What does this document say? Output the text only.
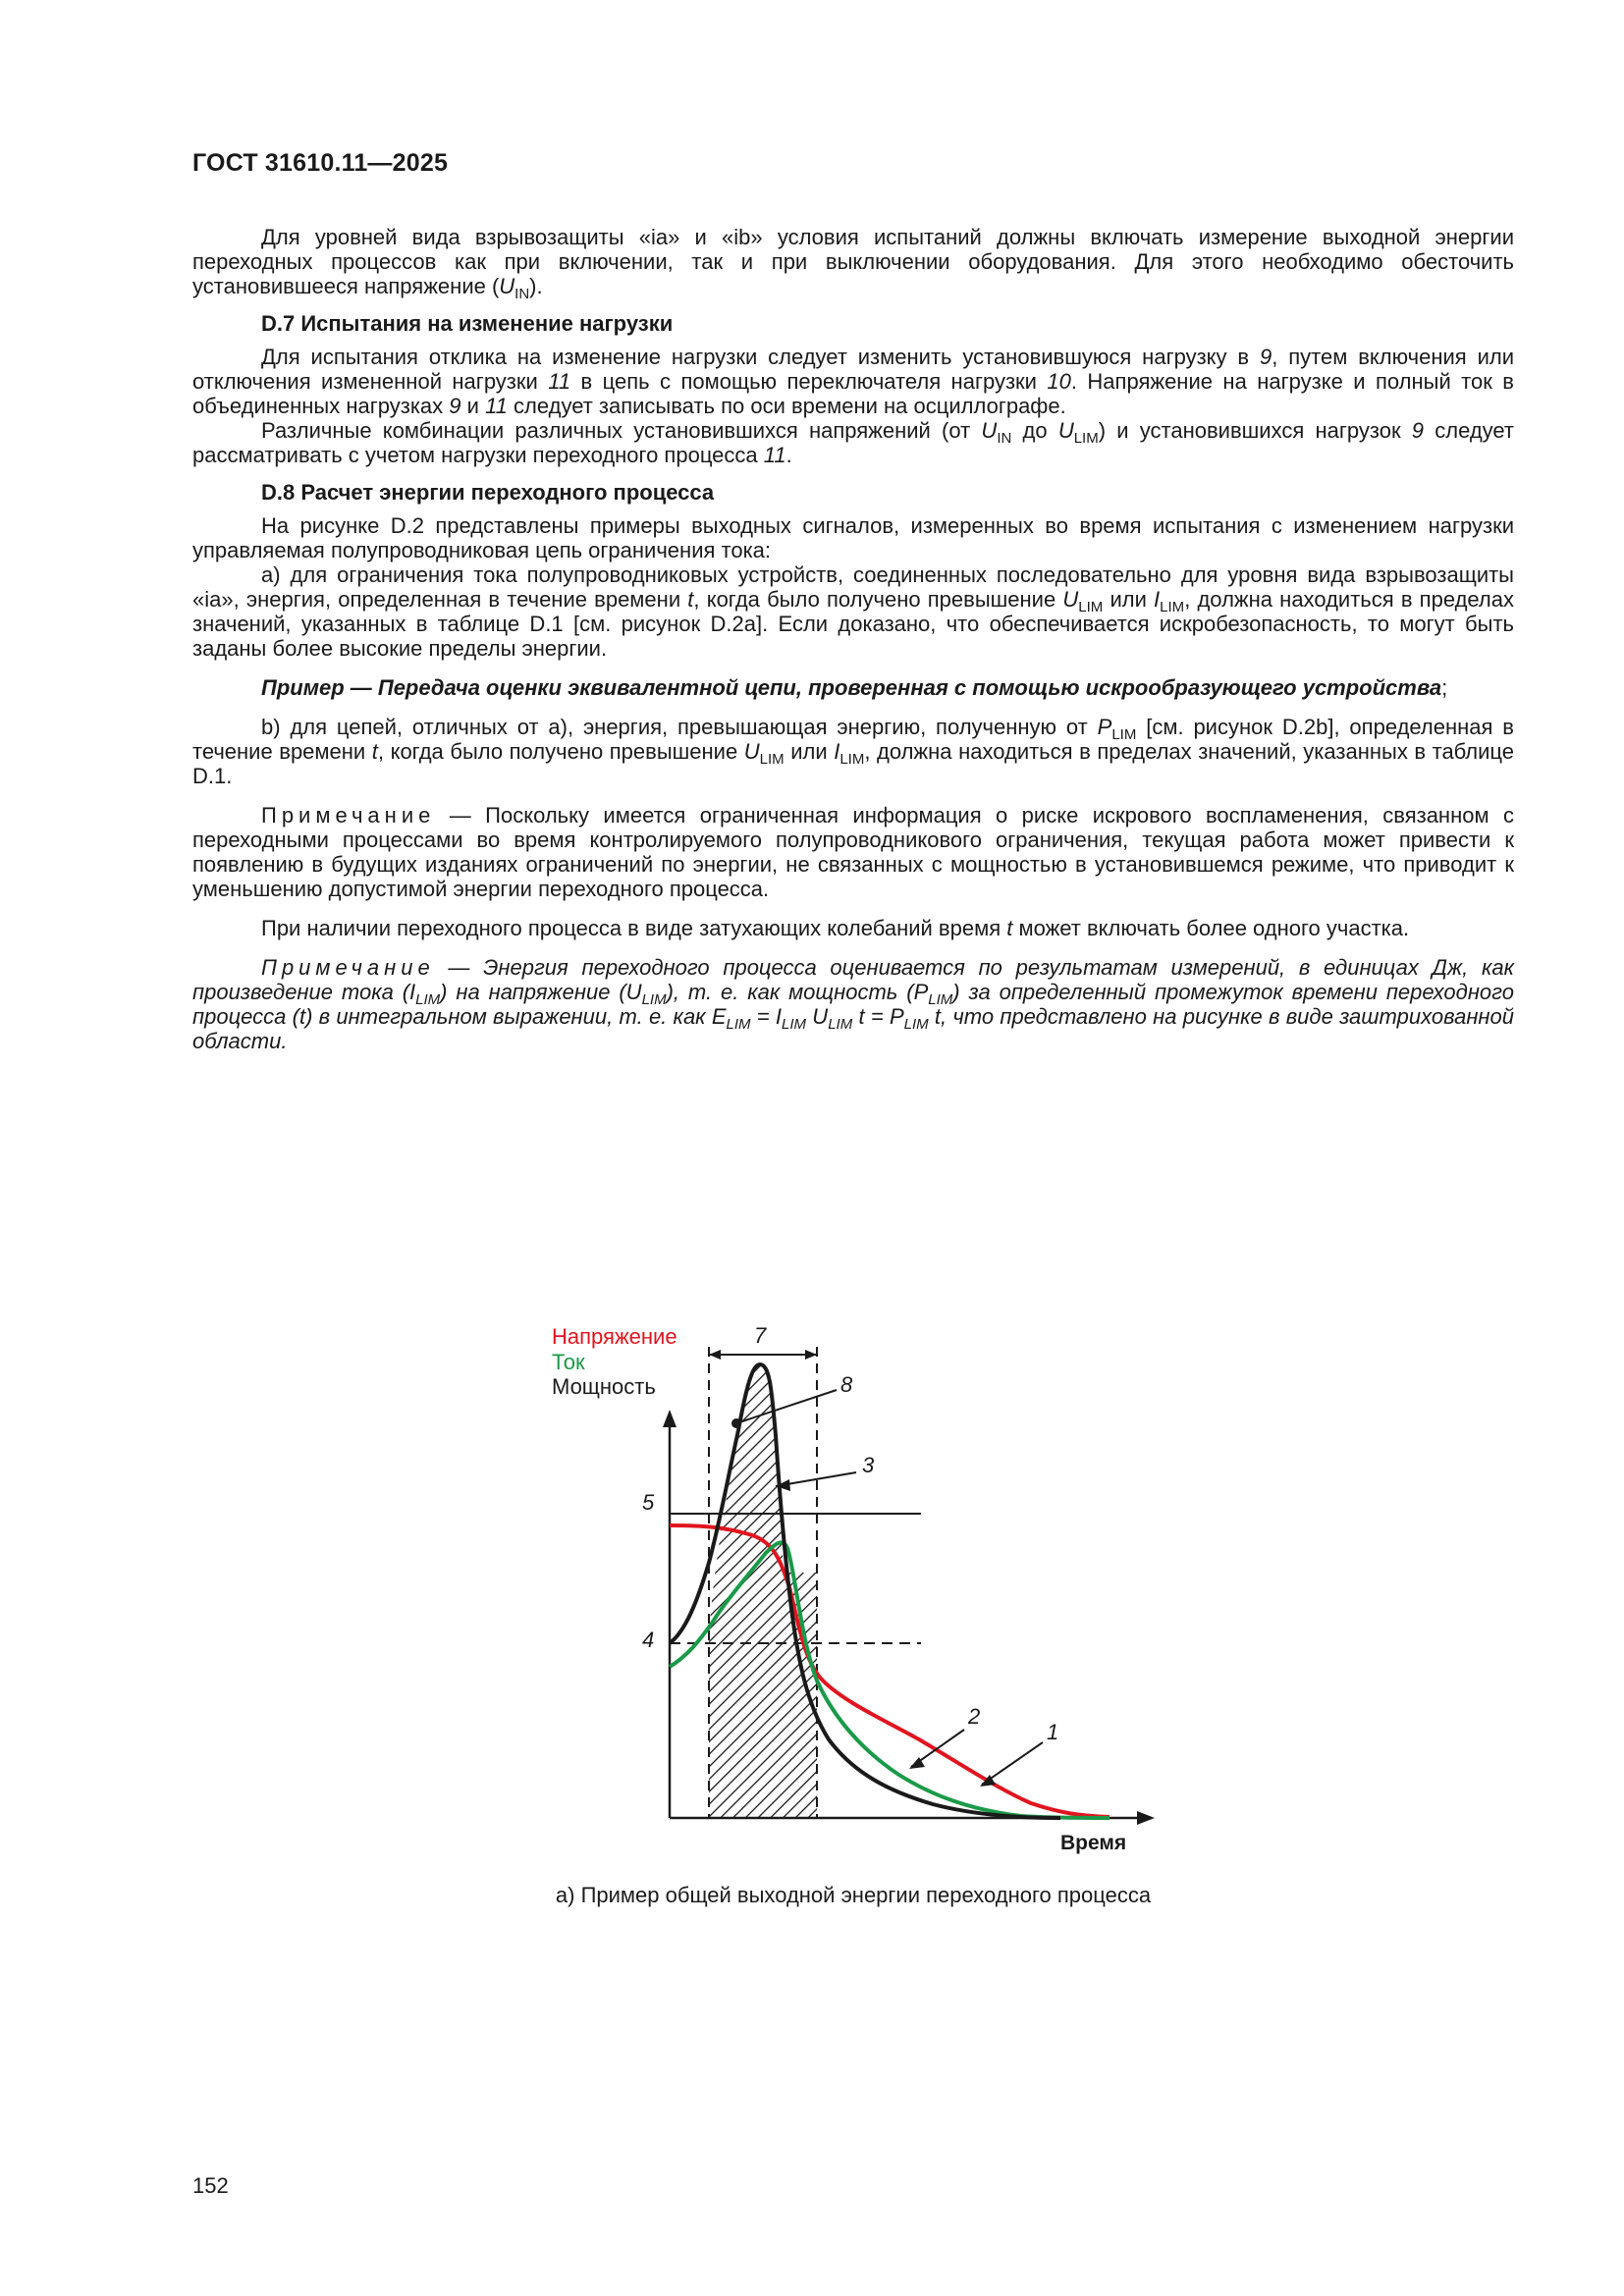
ГОСТ 31610.11—2025

Для уровней вида взрывозащиты «ia» и «ib» условия испытаний должны включать измерение выходной энергии переходных процессов как при включении, так и при выключении оборудования. Для этого необходимо обесточить установившееся напряжение $(U_{IN})$.

D.7 Испытания на изменение нагрузки

Для испытания отклика на изменение нагрузки следует изменить установившуюся нагрузку в 9, путем включения или отключения измененной нагрузки 11 в цепь с помощью переключателя нагрузки 10. Напряжение на нагрузке и полный ток в объединенных нагрузках 9 и 11 следует записывать по оси времени на осциллографе.

Различные комбинации различных установившихся напряжений (от $U_{IN}$ до $U_{LIM}$) и установившихся нагрузок 9 следует рассматривать с учетом нагрузки переходного процесса 11.

D.8 Расчет энергии переходного процесса

На рисунке D.2 представлены примеры выходных сигналов, измеренных во время испытания с изменением нагрузки управляемая полупроводниковая цепь ограничения тока:

а) для ограничения тока полупроводниковых устройств, соединенных последовательно для уровня вида взрывозащиты «ia», энергия, определенная в течение времени t, когда было получено превышение $U_{LIM}$ или $I_{LIM}$, должна находиться в пределах значений, указанных в таблице D.1 [см. рисунок D.2a]. Если доказано, что обеспечивается искробезопасность, то могут быть заданы более высокие пределы энергии.

Пример — Передача оценки эквивалентной цепи, проверенная с помощью искрообразующего устройства;

b) для цепей, отличных от а), энергия, превышающая энергию, полученную от $P_{LIM}$ [см. рисунок D.2b], определенная в течение времени t, когда было получено превышение $U_{LIM}$ или $I_{LIM}$, должна находиться в пределах значений, указанных в таблице D.1.

Примечание — Поскольку имеется ограниченная информация о риске искрового воспламенения, связанном с переходными процессами во время контролируемого полупроводникового ограничения, текущая работа может привести к появлению в будущих изданиях ограничений по энергии, не связанных с мощностью в установившемся режиме, что приводит к уменьшению допустимой энергии переходного процесса.

При наличии переходного процесса в виде затухающих колебаний время t может включать более одного участка.

Примечание — Энергия переходного процесса оценивается по результатам измерений, в единицах Дж, как произведение тока $(I_{LIM})$ на напряжение $(U_{LIM})$, т. е. как мощность $(P_{LIM})$ за определенный промежуток времени переходного процесса (t) в интегральном выражении, т. е. как $E_{LIM} = I_{LIM}$ $U_{LIM}$ $t = P_{LIM}$ t, что представлено на рисунке в виде заштрихованной области.

Напряжение
Ток
Мощность
7
8
3
5
4
2
1
Время
а) Пример общей выходной энергии переходного процесса
152
